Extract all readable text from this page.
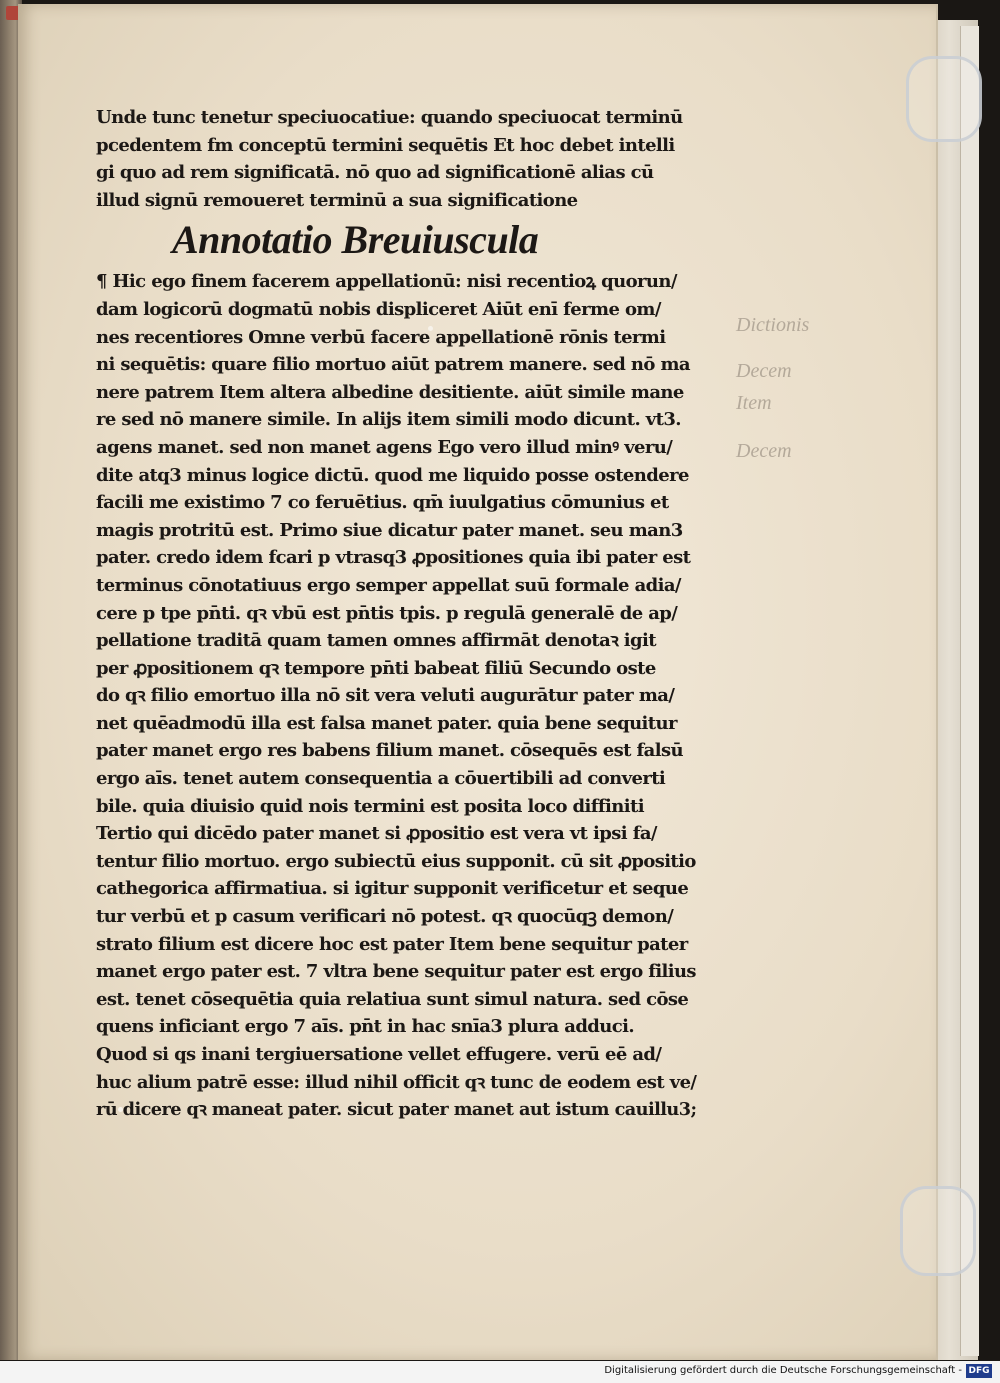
Dictionis
Decem
Item
Decem
Unde tunc tenetur speciuocatiue: quando speciuocat terminū
pcedentem fm conceptū termini sequētis Et hoc debet intelli
gi quo ad rem significatā. nō quo ad significationē alias cū
illud signū remoueret terminū a sua significatione
Annotatio Breuiuscula
¶ Hic ego finem facerem appellationū: nisi recentioꝝ quorun/
dam logicorū dogmatū nobis displiceret Aiūt enī ferme om/
nes recentiores Omne verbū facere appellationē rōnis termi
ni sequētis: quare filio mortuo aiūt patrem manere. sed nō ma
nere patrem Item altera albedine desitiente. aiūt simile mane
re sed nō manere simile. In alijs item simili modo dicunt. vt3.
agens manet. sed non manet agens Ego vero illud minꝰ veru/
dite atq3 minus logice dictū. quod me liquido posse ostendere
facili me existimo 7 co feruētius. qm̄ iuulgatius cōmunius et
magis protritū est. Primo siue dicatur pater manet. seu man3
pater. credo idem fcari p vtrasq3 ꝓpositiones quia ibi pater est
terminus cōnotatiuus ergo semper appellat suū formale adia/
cere p tpe pn̄ti. qꝛ vbū est pn̄tis tpis. p regulā generalē de ap/
pellatione traditā quam tamen omnes affirmāt denotaꝛ igit
per ꝓpositionem qꝛ tempore pn̄ti babeat filiū Secundo oste
do qꝛ filio emortuo illa nō sit vera veluti augurātur pater ma/
net quēadmodū illa est falsa manet pater. quia bene sequitur
pater manet ergo res babens filium manet. cōsequēs est falsū
ergo aīs. tenet autem consequentia a cōuertibili ad converti
bile. quia diuisio quid nois termini est posita loco diffiniti
Tertio qui dicēdo pater manet si ꝓpositio est vera vt ipsi fa/
tentur filio mortuo. ergo subiectū eius supponit. cū sit ꝓpositio
cathegorica affirmatiua. si igitur supponit verificetur et seque
tur verbū et p casum verificari nō potest. qꝛ quocūqꝫ demon/
strato filium est dicere hoc est pater Item bene sequitur pater
manet ergo pater est. 7 vltra bene sequitur pater est ergo filius
est. tenet cōsequētia quia relatiua sunt simul natura. sed cōse
quens inficiant ergo 7 aīs. pn̄t in hac snīa3 plura adduci.
Quod si qs inani tergiuersatione vellet effugere. verū eē ad/
huc alium patrē esse: illud nihil officit qꝛ tunc de eodem est ve/
rū dicere qꝛ maneat pater. sicut pater manet aut istum cauillu3;
Digitalisierung gefördert durch die Deutsche Forschungsgemeinschaft - DFG
